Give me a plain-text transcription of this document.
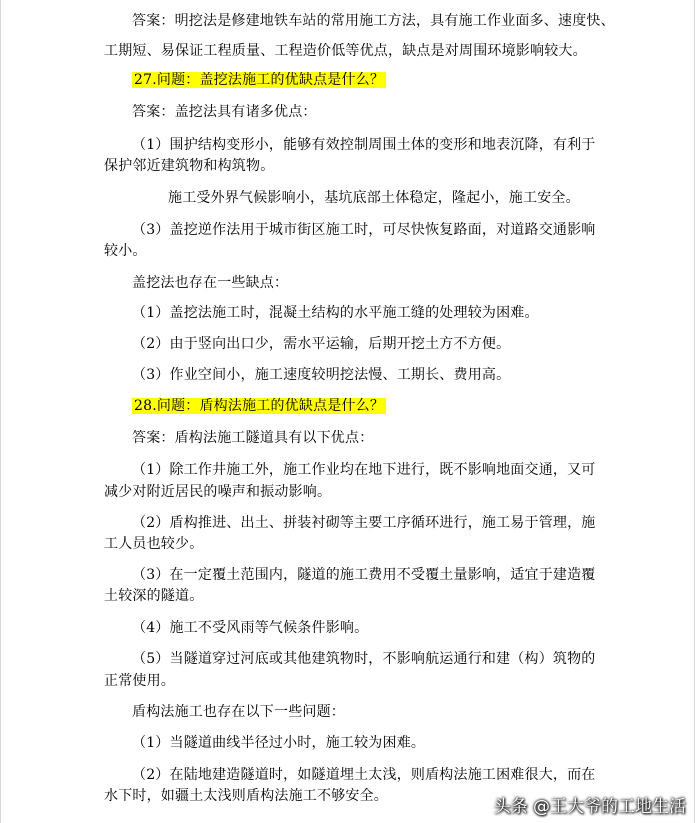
答案：明挖法是修建地铁车站的常用施工方法，具有施工作业面多、速度快、
工期短、易保证工程质量、工程造价低等优点，缺点是对周围环境影响较大。
27.问题：盖挖法施工的优缺点是什么？
答案：盖挖法具有诸多优点：
（1）围护结构变形小，能够有效控制周围土体的变形和地表沉降，有利于
保护邻近建筑物和构筑物。
施工受外界气候影响小，基坑底部土体稳定，隆起小，施工安全。
（3）盖挖逆作法用于城市街区施工时，可尽快恢复路面，对道路交通影响
较小。
盖挖法也存在一些缺点：
（1）盖挖法施工时，混凝土结构的水平施工缝的处理较为困难。
（2）由于竖向出口少，需水平运输，后期开挖土方不方便。
（3）作业空间小，施工速度较明挖法慢、工期长、费用高。
28.问题：盾构法施工的优缺点是什么？
答案：盾构法施工隧道具有以下优点：
（1）除工作井施工外，施工作业均在地下进行，既不影响地面交通，又可
减少对附近居民的噪声和振动影响。
（2）盾构推进、出土、拼装衬砌等主要工序循环进行，施工易于管理，施
工人员也较少。
（3）在一定覆土范围内，隧道的施工费用不受覆土量影响，适宜于建造覆
土较深的隧道。
（4）施工不受风雨等气候条件影响。
（5）当隧道穿过河底或其他建筑物时，不影响航运通行和建（构）筑物的
正常使用。
盾构法施工也存在以下一些问题：
（1）当隧道曲线半径过小时，施工较为困难。
（2）在陆地建造隧道时，如隧道埋土太浅，则盾构法施工困难很大，而在
水下时，如疆土太浅则盾构法施工不够安全。
头条 @王大爷的工地生活
